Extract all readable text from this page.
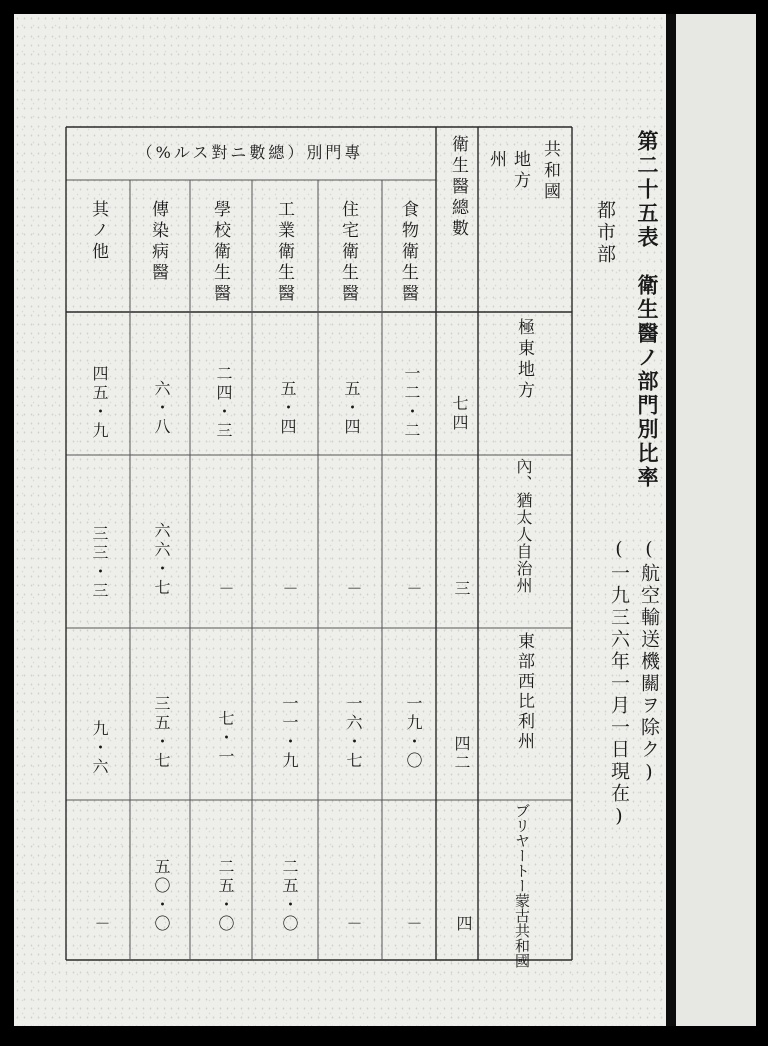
第二十五表　衛生醫ノ部門別比率
(航空輸送機關ヲ除ク)
(一九三六年一月一日現在)
都市部
共和國
地方
州
衛生醫總數
專門別（總數ニ對スル%）
食物衛生醫
住宅衛生醫
工業衛生醫
學校衛生醫
傳染病醫
其ノ他
極東地方
七四
一二・二
五・四
五・四
二四・三
六・八
四五・九
內、猶太人自治州
三
－
－
－
－
六六・七
三三・三
東部西比利州
四二
一九・〇
一六・七
一一・九
七・一
三五・七
九・六
ブリヤートー蒙古共和國
四
－
－
二五・〇
二五・〇
五〇・〇
－
